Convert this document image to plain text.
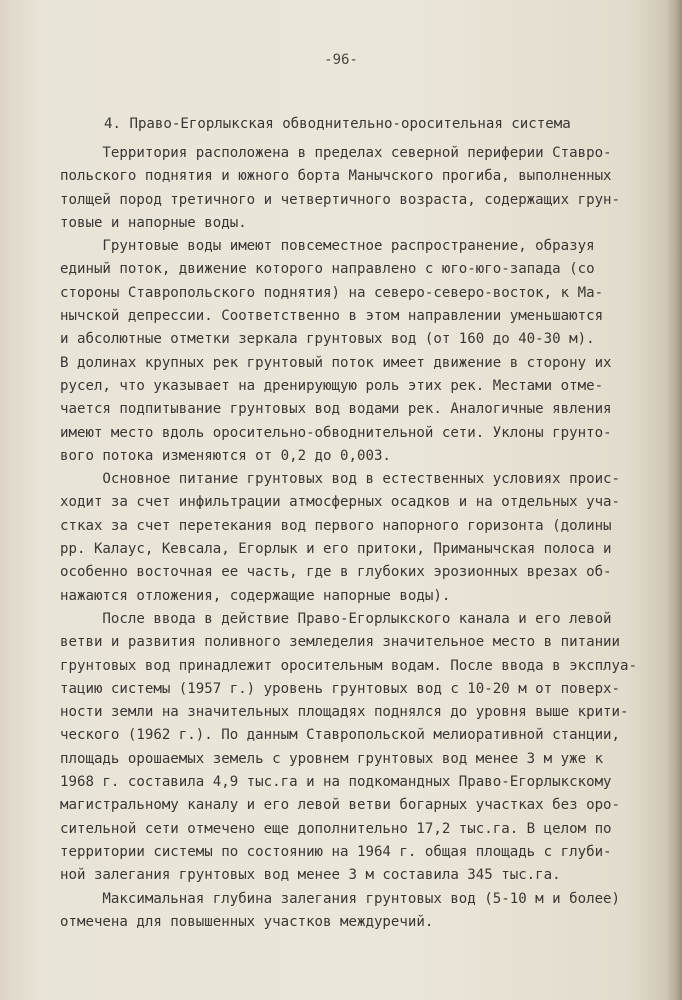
-96-
4. Право-Егорлыкская обводнительно-оросительная система
Территория расположена в пределах северной периферии Ставро-
польского поднятия и южного борта Манычского прогиба, выполненных
толщей пород третичного и четвертичного возраста, содержащих грун-
товые и напорные воды.
Грунтовые воды имеют повсеместное распространение, образуя
единый поток, движение которого направлено с юго-юго-запада (со
стороны Ставропольского поднятия) на северо-северо-восток, к Ма-
нычской депрессии. Соответственно в этом направлении уменьшаются
и абсолютные отметки зеркала грунтовых вод (от 160 до 40-30 м).
В долинах крупных рек грунтовый поток имеет движение в сторону их
русел, что указывает на дренирующую роль этих рек. Местами отме-
чается подпитывание грунтовых вод водами рек. Аналогичные явления
имеют место вдоль оросительно-обводнительной сети. Уклоны грунто-
вого потока изменяются от 0,2 до 0,003.
Основное питание грунтовых вод в естественных условиях проис-
ходит за счет инфильтрации атмосферных осадков и на отдельных уча-
стках за счет перетекания вод первого напорного горизонта (долины
рр. Калаус, Кевсала, Егорлык и его притоки, Приманычская полоса и
особенно восточная ее часть, где в глубоких эрозионных врезах об-
нажаются отложения, содержащие напорные воды).
После ввода в действие Право-Егорлыкского канала и его левой
ветви и развития поливного земледелия значительное место в питании
грунтовых вод принадлежит оросительным водам. После ввода в эксплуа-
тацию системы (1957 г.) уровень грунтовых вод с 10-20 м от поверх-
ности земли на значительных площадях поднялся до уровня выше крити-
ческого (1962 г.). По данным Ставропольской мелиоративной станции,
площадь орошаемых земель с уровнем грунтовых вод менее 3 м уже к
1968 г. составила 4,9 тыс.га и на подкомандных Право-Егорлыкскому
магистральному каналу и его левой ветви богарных участках без оро-
сительной сети отмечено еще дополнительно 17,2 тыс.га. В целом по
территории системы по состоянию на 1964 г. общая площадь с глуби-
ной залегания грунтовых вод менее 3 м составила 345 тыс.га.
Максимальная глубина залегания грунтовых вод (5-10 м и более)
отмечена для повышенных участков междуречий.
